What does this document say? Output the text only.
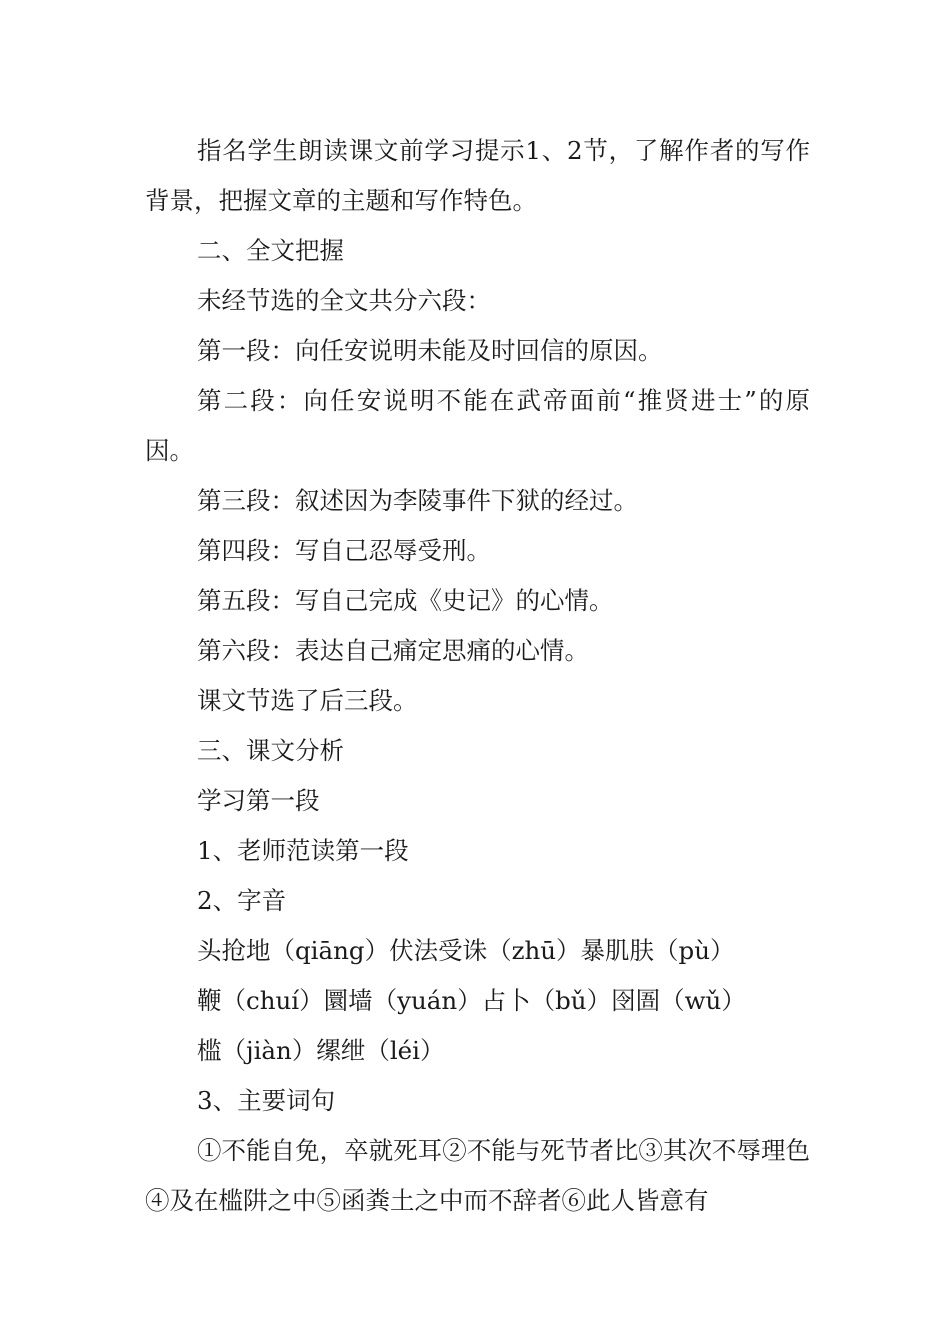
指名学生朗读课文前学习提示1、2节，了解作者的写作背景，把握文章的主题和写作特色。

二、全文把握

未经节选的全文共分六段：

第一段：向任安说明未能及时回信的原因。

第二段：向任安说明不能在武帝面前“推贤进士”的原因。

第三段：叙述因为李陵事件下狱的经过。

第四段：写自己忍辱受刑。

第五段：写自己完成《史记》的心情。

第六段：表达自己痛定思痛的心情。

课文节选了后三段。

三、课文分析

学习第一段

1、老师范读第一段

2、字音

头抢地（qiāng）伏法受诛（zhū）暴肌肤（pù）

鞭（chuí）圜墙（yuán）占卜（bǔ）囹圄（wǔ）

槛（jiàn）缧绁（léi）

3、主要词句

①不能自免，卒就死耳②不能与死节者比③其次不辱理色④及在槛阱之中⑤函粪土之中而不辞者⑥此人皆意有
